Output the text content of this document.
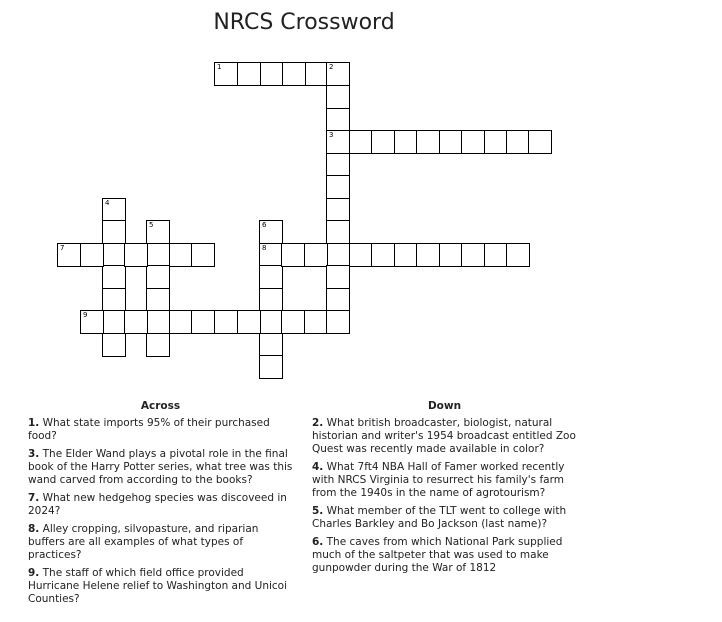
NRCS Crossword
1	2
3
4
5	6
8
7
9
Across	Down

1. What state imports 95% of their purchased food?

3. The Elder Wand plays a pivotal role in the final book of the Harry Potter series, what tree was this wand carved from according to the books?

7. What new hedgehog species was discoveed in 2024?

8. Alley cropping, silvopasture, and riparian buffers are all examples of what types of practices?

9. The staff of which field office provided Hurricane Helene relief to Washington and Unicoi Counties?

2. What british broadcaster, biologist, natural historian and writer's 1954 broadcast entitled Zoo Quest was recently made available in color?

4. What 7ft4 NBA Hall of Famer worked recently with NRCS Virginia to resurrect his family's farm from the 1940s in the name of agrotourism?

5. What member of the TLT went to college with Charles Barkley and Bo Jackson (last name)?

6. The caves from which National Park supplied much of the saltpeter that was used to make gunpowder during the War of 1812
